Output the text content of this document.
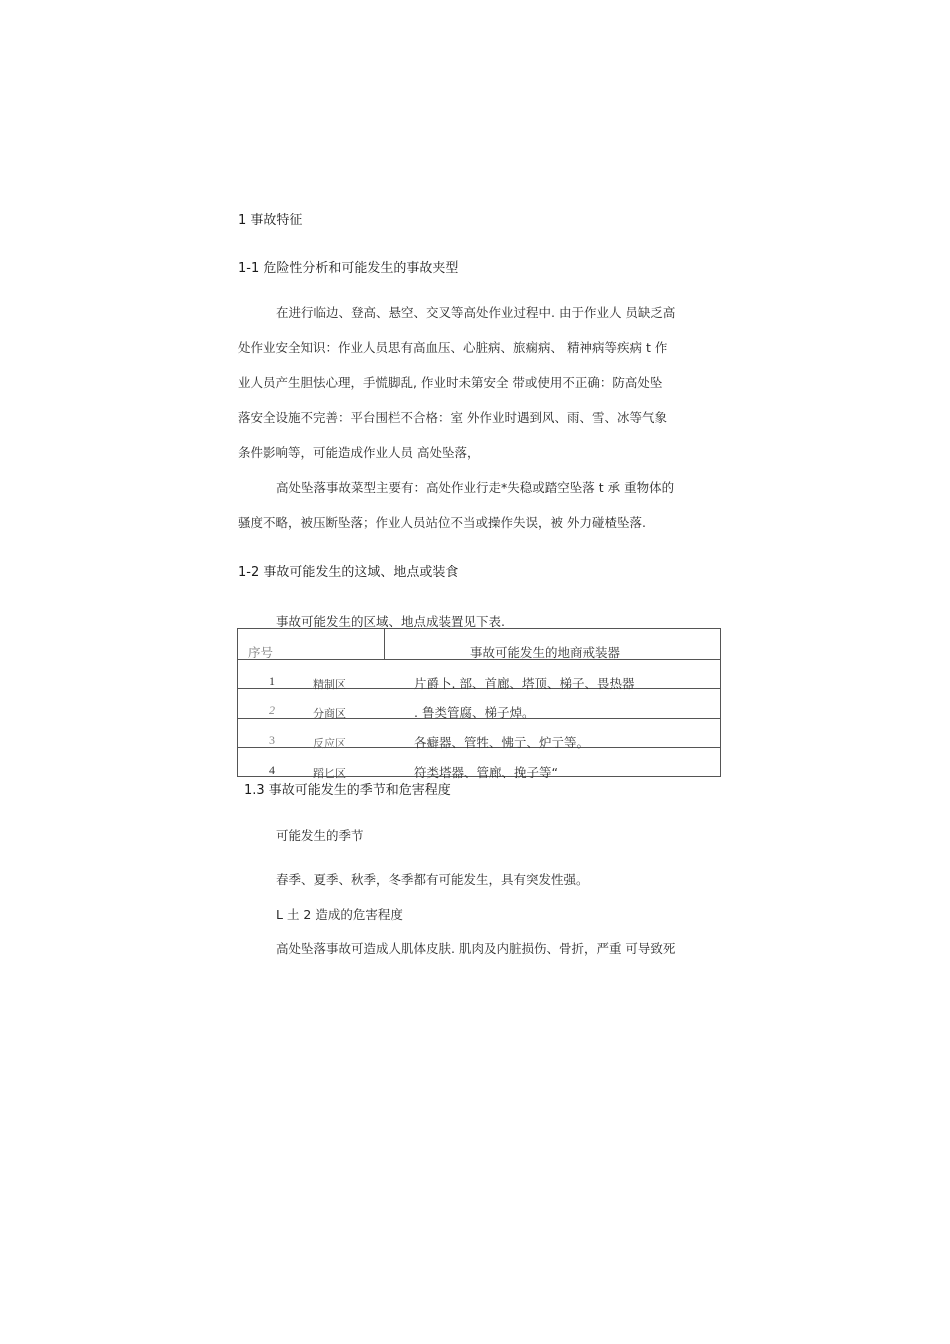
1 事故特征
1-1 危险性分析和可能发生的事故夹型
在进行临边、登高、悬空、交叉等高处作业过程中. 由于作业人 员缺乏高
处作业安全知识：作业人员思有高血压、心脏病、旅痫病、 精神病等疾病 t 作
业人员产生胆怯心理，手慌脚乱, 作业时未第安全 带或使用不正确：防高处坠
落安全设施不完善：平台围栏不合格：室 外作业时遇到风、雨、雪、冰等气象
条件影响等，可能造成作业人员 高处坠落，
高处坠落事故菜型主要有：高处作业行走*失稳或踏空坠落 t 承 重物体的
骚度不略，被压断坠落；作业人员站位不当或操作失误，被 外力碰楂坠落.
1-2 事故可能发生的这域、地点或装食
事故可能发生的区域、地点成装置见下表.
序号	事故可能发生的地商戒装器
1	精制区	片爵卜. 部、首廊、塔顶、梯子、畏热器
2	分商区	. 鲁类管腐、梯子焯。
3	反应区	各癖器、管牲、怫亍、炉亍等。
4	蹈匕区	符类塔器、管廊、挽子等“
1.3 事故可能发生的季节和危害程度
可能发生的季节
春季、夏季、秋季，冬季都有可能发生，具有突发性强。
L 土 2 造成的危害程度
高处坠落事故可造成人肌体皮肤. 肌肉及内脏损伤、骨折，严重 可导致死
